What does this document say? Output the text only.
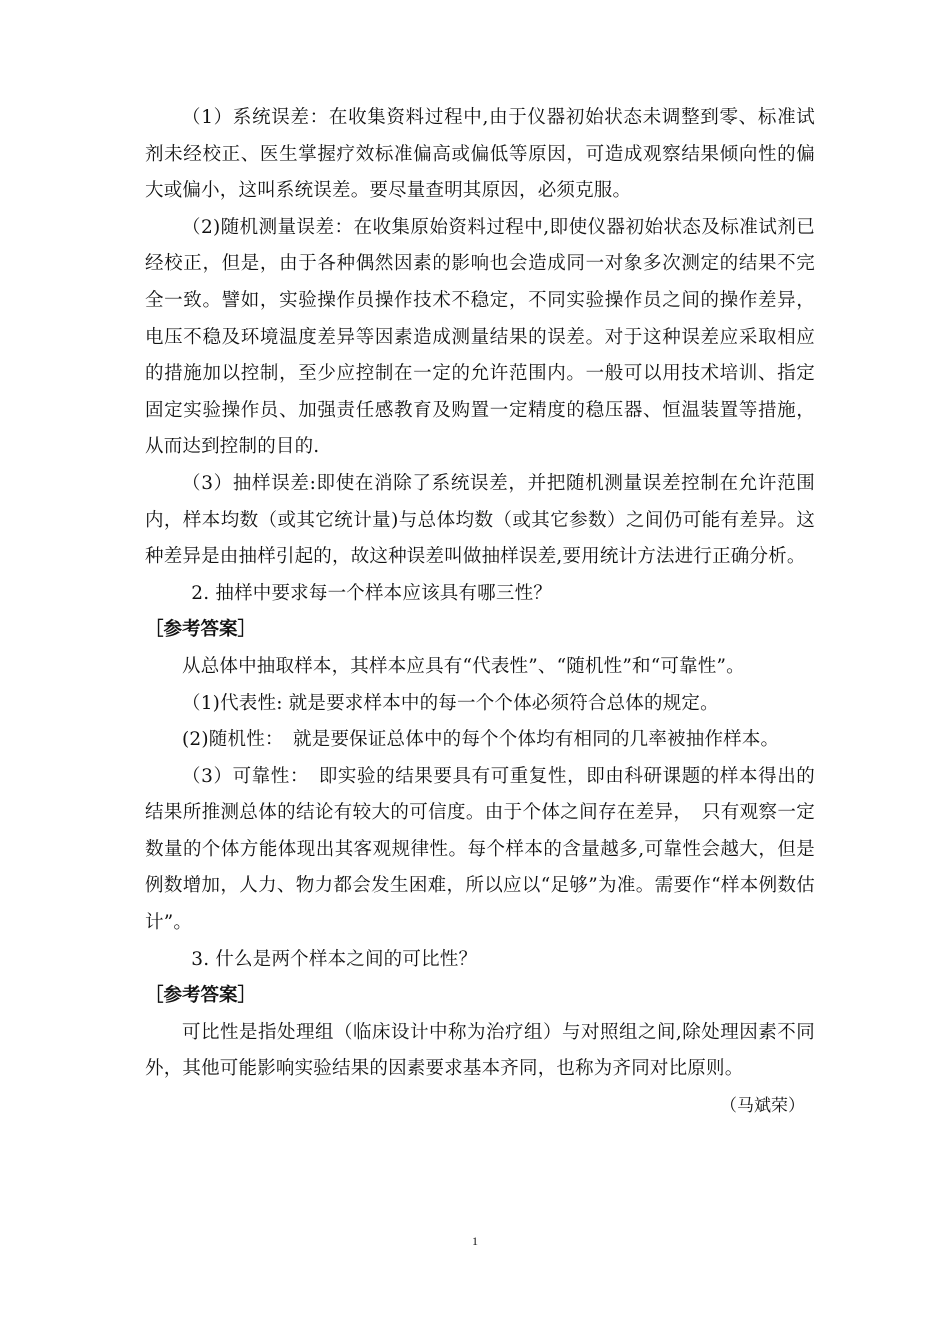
（1）系统误差：在收集资料过程中,由于仪器初始状态未调整到零、标准试剂未经校正、医生掌握疗效标准偏高或偏低等原因，可造成观察结果倾向性的偏大或偏小，这叫系统误差。要尽量查明其原因，必须克服。

（2)随机测量误差：在收集原始资料过程中,即使仪器初始状态及标准试剂已经校正，但是，由于各种偶然因素的影响也会造成同一对象多次测定的结果不完全一致。譬如，实验操作员操作技术不稳定，不同实验操作员之间的操作差异，电压不稳及环境温度差异等因素造成测量结果的误差。对于这种误差应采取相应的措施加以控制，至少应控制在一定的允许范围内。一般可以用技术培训、指定固定实验操作员、加强责任感教育及购置一定精度的稳压器、恒温装置等措施，从而达到控制的目的.

（3）抽样误差:即使在消除了系统误差，并把随机测量误差控制在允许范围内，样本均数（或其它统计量)与总体均数（或其它参数）之间仍可能有差异。这种差异是由抽样引起的，故这种误差叫做抽样误差,要用统计方法进行正确分析。

2. 抽样中要求每一个样本应该具有哪三性？

［参考答案］

从总体中抽取样本，其样本应具有“代表性”、“随机性”和“可靠性”。

（1)代表性: 就是要求样本中的每一个个体必须符合总体的规定。

(2)随机性：　就是要保证总体中的每个个体均有相同的几率被抽作样本。

（3）可靠性：　即实验的结果要具有可重复性，即由科研课题的样本得出的结果所推测总体的结论有较大的可信度。由于个体之间存在差异，　只有观察一定数量的个体方能体现出其客观规律性。每个样本的含量越多,可靠性会越大，但是例数增加，人力、物力都会发生困难，所以应以“足够”为准。需要作“样本例数估计”。

3. 什么是两个样本之间的可比性？

［参考答案］

可比性是指处理组（临床设计中称为治疗组）与对照组之间,除处理因素不同外，其他可能影响实验结果的因素要求基本齐同，也称为齐同对比原则。

（马斌荣）

1
